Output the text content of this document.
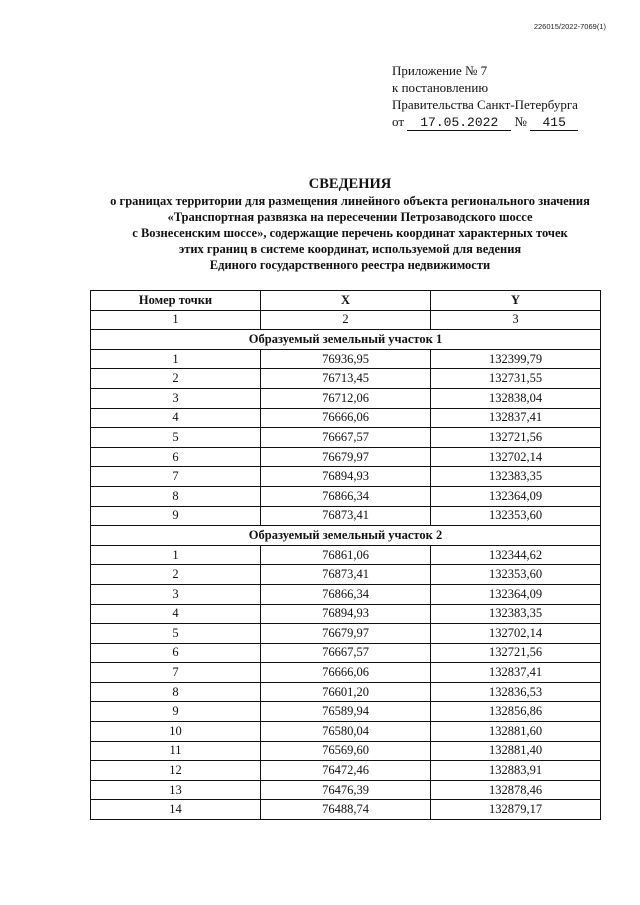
226015/2022-7069(1)
Приложение № 7
к постановлению
Правительства Санкт-Петербурга
от 17.05.2022 № 415
СВЕДЕНИЯ
о границах территории для размещения линейного объекта регионального значения
«Транспортная развязка на пересечении Петрозаводского шоссе
с Вознесенским шоссе», содержащие перечень координат характерных точек
этих границ в системе координат, используемой для ведения
Единого государственного реестра недвижимости
Номер точки	X	Y
1	2	3
Образуемый земельный участок 1		
1	76936,95	132399,79
2	76713,45	132731,55
3	76712,06	132838,04
4	76666,06	132837,41
5	76667,57	132721,56
6	76679,97	132702,14
7	76894,93	132383,35
8	76866,34	132364,09
9	76873,41	132353,60
Образуемый земельный участок 2		
1	76861,06	132344,62
2	76873,41	132353,60
3	76866,34	132364,09
4	76894,93	132383,35
5	76679,97	132702,14
6	76667,57	132721,56
7	76666,06	132837,41
8	76601,20	132836,53
9	76589,94	132856,86
10	76580,04	132881,60
11	76569,60	132881,40
12	76472,46	132883,91
13	76476,39	132878,46
14	76488,74	132879,17
